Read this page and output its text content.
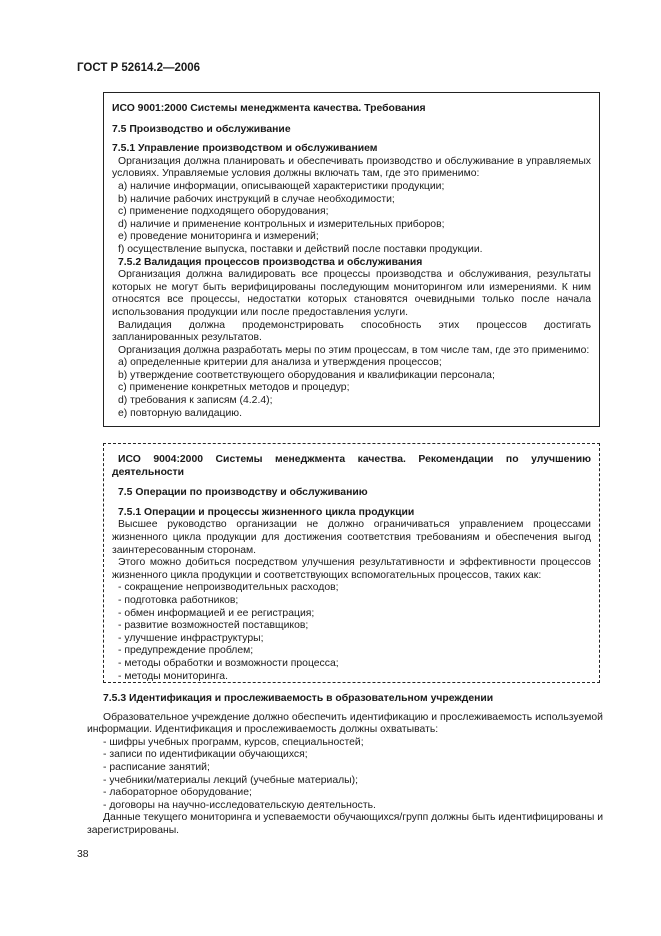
ГОСТ Р 52614.2—2006
ИСО 9001:2000 Системы менеджмента качества. Требования
7.5 Производство и обслуживание
7.5.1 Управление производством и обслуживанием
Организация должна планировать и обеспечивать производство и обслуживание в управляемых условиях. Управляемые условия должны включать там, где это применимо:
a) наличие информации, описывающей характеристики продукции;
b) наличие рабочих инструкций в случае необходимости;
c) применение подходящего оборудования;
d) наличие и применение контрольных и измерительных приборов;
e) проведение мониторинга и измерений;
f) осуществление выпуска, поставки и действий после поставки продукции.
7.5.2 Валидация процессов производства и обслуживания
Организация должна валидировать все процессы производства и обслуживания, результаты которых не могут быть верифицированы последующим мониторингом или измерениями. К ним относятся все процессы, недостатки которых становятся очевидными только после начала использования продукции или после предоставления услуги.
Валидация должна продемонстрировать способность этих процессов достигать запланированных результатов.
Организация должна разработать меры по этим процессам, в том числе там, где это применимо:
a) определенные критерии для анализа и утверждения процессов;
b) утверждение соответствующего оборудования и квалификации персонала;
c) применение конкретных методов и процедур;
d) требования к записям (4.2.4);
e) повторную валидацию.
ИСО 9004:2000 Системы менеджмента качества. Рекомендации по улучшению деятельности
7.5 Операции по производству и обслуживанию
7.5.1 Операции и процессы жизненного цикла продукции
Высшее руководство организации не должно ограничиваться управлением процессами жизненного цикла продукции для достижения соответствия требованиям и обеспечения выгод заинтересованным сторонам.
Этого можно добиться посредством улучшения результативности и эффективности процессов жизненного цикла продукции и соответствующих вспомогательных процессов, таких как:
- сокращение непроизводительных расходов;
- подготовка работников;
- обмен информацией и ее регистрация;
- развитие возможностей поставщиков;
- улучшение инфраструктуры;
- предупреждение проблем;
- методы обработки и возможности процесса;
- методы мониторинга.
7.5.3 Идентификация и прослеживаемость в образовательном учреждении
Образовательное учреждение должно обеспечить идентификацию и прослеживаемость используемой информации. Идентификация и прослеживаемость должны охватывать:
- шифры учебных программ, курсов, специальностей;
- записи по идентификации обучающихся;
- расписание занятий;
- учебники/материалы лекций (учебные материалы);
- лабораторное оборудование;
- договоры на научно-исследовательскую деятельность.
Данные текущего мониторинга и успеваемости обучающихся/групп должны быть идентифицированы и зарегистрированы.
38
